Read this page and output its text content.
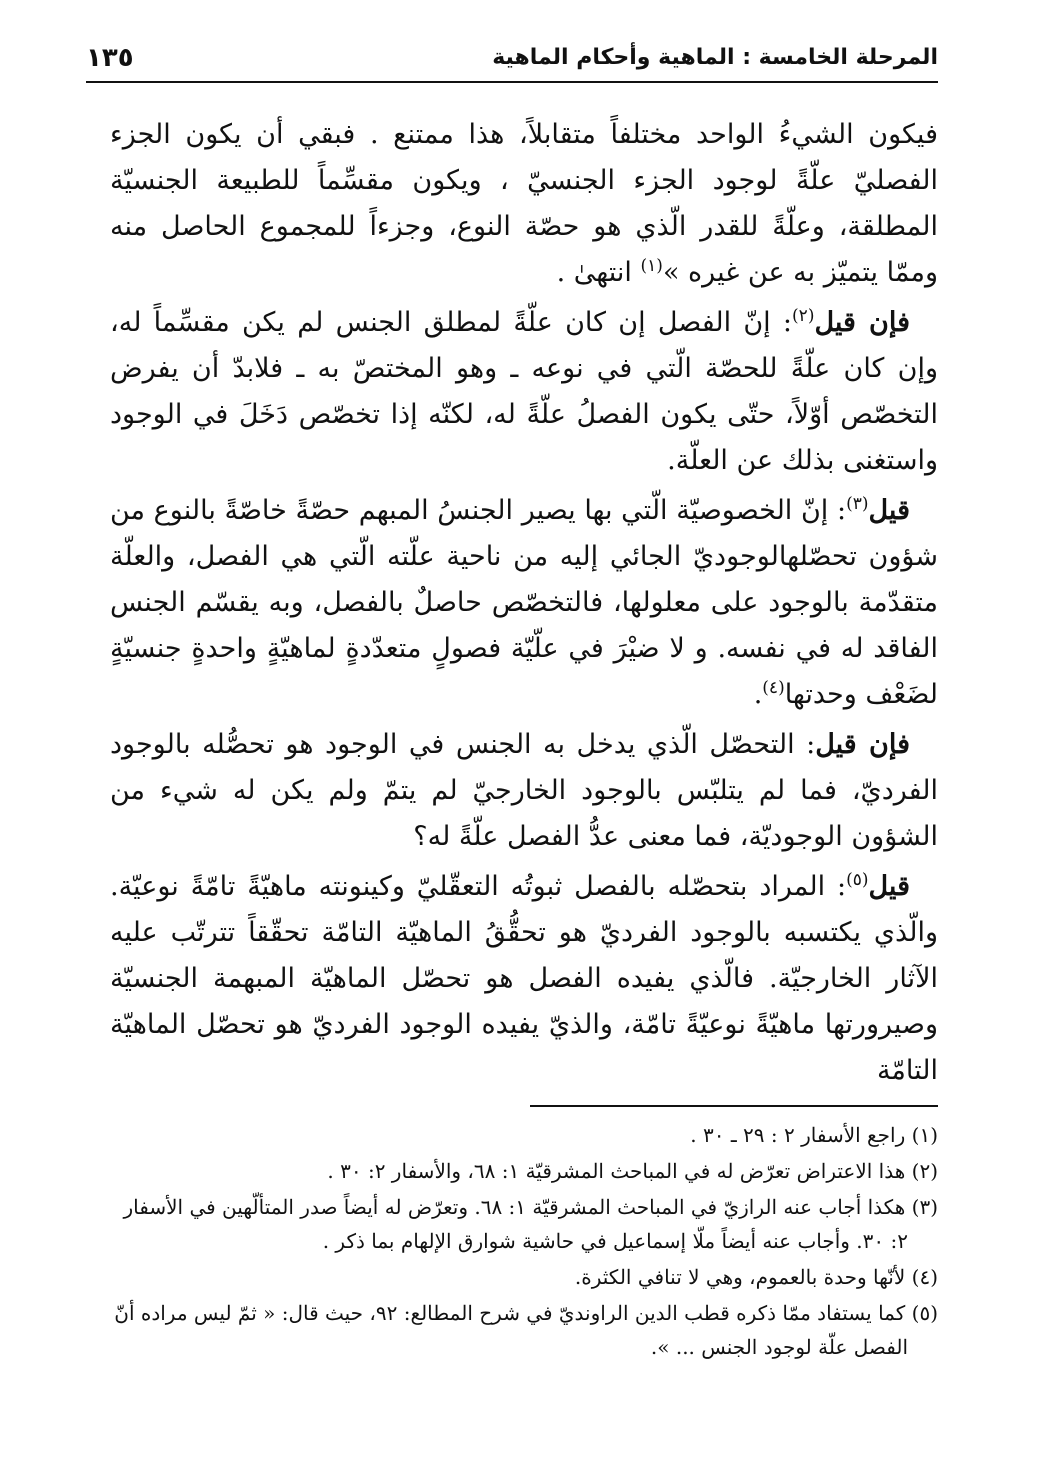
المرحلة الخامسة : الماهية وأحكام الماهية
١٣٥

فيكون الشيءُ الواحد مختلفاً متقابلاً، هذا ممتنع . فبقي أن يكون الجزء الفصليّ علّةً لوجود الجزء الجنسيّ ، ويكون مقسِّماً للطبيعة الجنسيّة المطلقة، وعلّةً للقدر الّذي هو حصّة النوع، وجزءاً للمجموع الحاصل منه وممّا يتميّز به عن غيره »$^{(١)}$ انتهىٰ .

فإن قيل$^{(٢)}$: إنّ الفصل إن كان علّةً لمطلق الجنس لم يكن مقسِّماً له، وإن كان علّةً للحصّة الّتي في نوعه ـ وهو المختصّ به ـ فلابدّ أن يفرض التخصّص أوّلاً، حتّى يكون الفصلُ علّةً له، لكنّه إذا تخصّص دَخَلَ في الوجود واستغنى بذلك عن العلّة.

قيل$^{(٣)}$: إنّ الخصوصيّة الّتي بها يصير الجنسُ المبهم حصّةً خاصّةً بالنوع من شؤون تحصّلهالوجوديّ الجائي إليه من ناحية علّته الّتي هي الفصل، والعلّة متقدّمة بالوجود على معلولها، فالتخصّص حاصلٌ بالفصل، وبه يقسّم الجنس الفاقد له في نفسه. و لا ضيْرَ في علّيّة فصولٍ متعدّدةٍ لماهيّةٍ واحدةٍ جنسيّةٍ لضَعْف وحدتها$^{(٤)}$.

فإن قيل: التحصّل الّذي يدخل به الجنس في الوجود هو تحصُّله بالوجود الفرديّ، فما لم يتلبّس بالوجود الخارجيّ لم يتمّ ولم يكن له شيء من الشؤون الوجوديّة، فما معنى عدُّ الفصل علّةً له؟

قيل$^{(٥)}$: المراد بتحصّله بالفصل ثبوتُه التعقّليّ وكينونته ماهيّةً تامّةً نوعيّة. والّذي يكتسبه بالوجود الفرديّ هو تحقُّقُ الماهيّة التامّة تحقّقاً تترتّب عليه الآثار الخارجيّة. فالّذي يفيده الفصل هو تحصّل الماهيّة المبهمة الجنسيّة وصيرورتها ماهيّةً نوعيّةً تامّة، والذيّ يفيده الوجود الفرديّ هو تحصّل الماهيّة التامّة

(١) راجع الأسفار ٢ : ٢٩ ـ ٣٠ .

(٢) هذا الاعتراض تعرّض له في المباحث المشرقيّة ١: ٦٨، والأسفار ٢: ٣٠ .

(٣) هكذا أجاب عنه الرازيّ في المباحث المشرقيّة ١: ٦٨. وتعرّض له أيضاً صدر المتألّهين في الأسفار ٢: ٣٠. وأجاب عنه أيضاً ملّا إسماعيل في حاشية شوارق الإلهام بما ذكر .

(٤) لأنّها وحدة بالعموم، وهي لا تنافي الكثرة.

(٥) كما يستفاد ممّا ذكره قطب الدين الراونديّ في شرح المطالع: ٩٢، حيث قال: « ثمّ ليس مراده أنّ الفصل علّة لوجود الجنس ... ».
